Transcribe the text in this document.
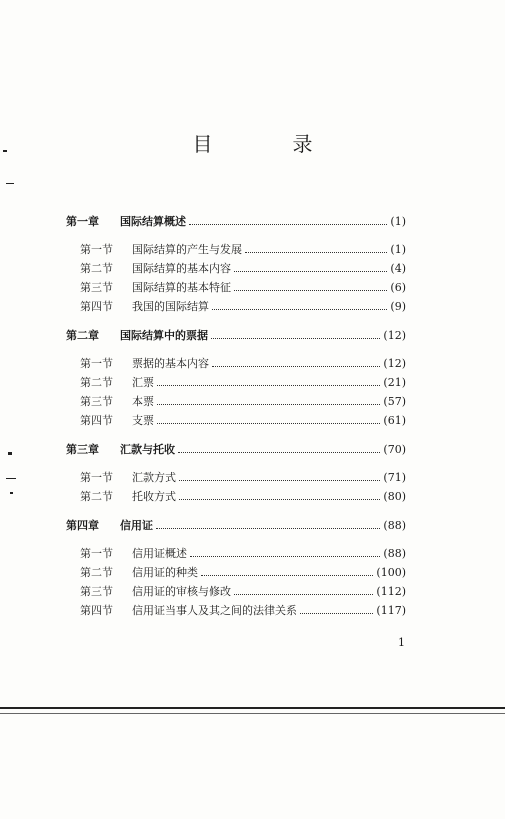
目　录
第一章	国际结算概述	(1)
第一节	国际结算的产生与发展	(1)
第二节	国际结算的基本内容	(4)
第三节	国际结算的基本特征	(6)
第四节	我国的国际结算	(9)
第二章	国际结算中的票据	(12)
第一节	票据的基本内容	(12)
第二节	汇票	(21)
第三节	本票	(57)
第四节	支票	(61)
第三章	汇款与托收	(70)
第一节	汇款方式	(71)
第二节	托收方式	(80)
第四章	信用证	(88)
第一节	信用证概述	(88)
第二节	信用证的种类	(100)
第三节	信用证的审核与修改	(112)
第四节	信用证当事人及其之间的法律关系	(117)
1
